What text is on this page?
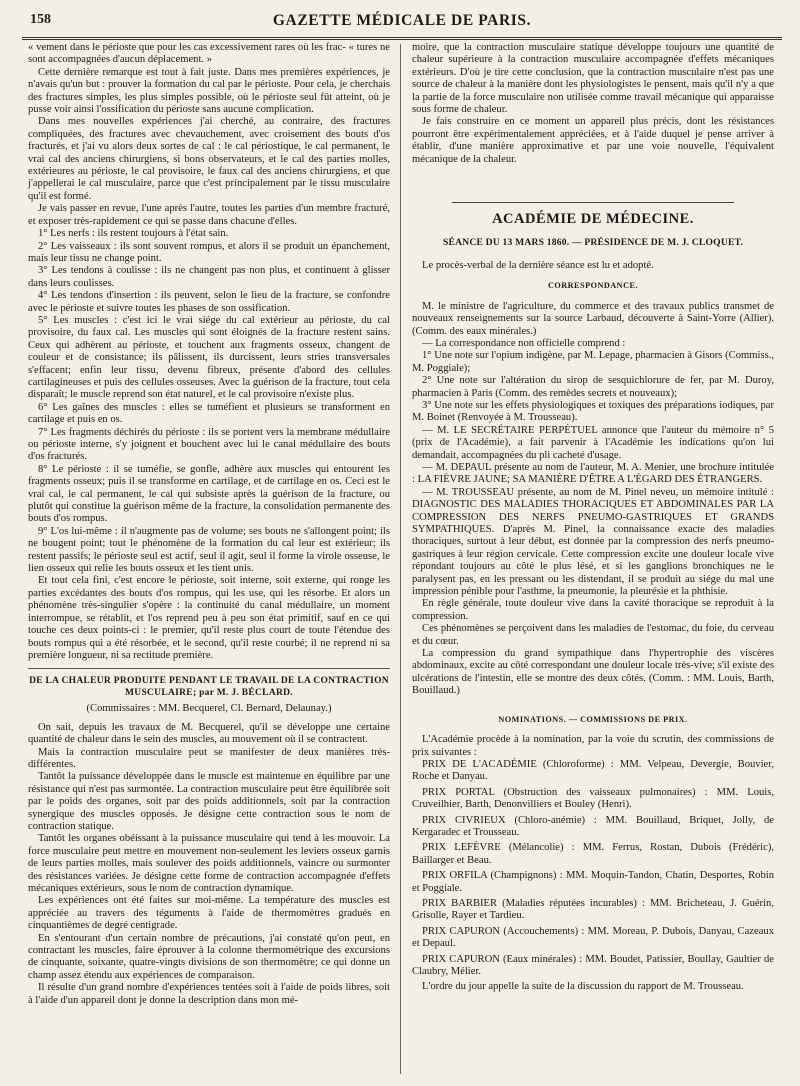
158	GAZETTE MÉDICALE DE PARIS.

« vement dans le périoste que pour les cas excessivement rares où les frac- « tures ne sont accompagnées d'aucun déplacement. »

Cette dernière remarque est tout à fait juste. Dans mes premières expériences, je n'avais qu'un but : prouver la formation du cal par le périoste. Pour cela, je cherchais des fractures simples, les plus simples possible, où le périoste seul fût atteint, où je pusse voir ainsi l'ossification du périoste sans aucune complication.

Dans mes nouvelles expériences j'ai cherché, au contraire, des fractures compliquées, des fractures avec chevauchement, avec croisement des bouts d'os fracturés, et j'ai vu alors deux sortes de cal : le cal périostique, le cal permanent, le vrai cal des anciens chirurgiens, si bons observateurs, et le cal des parties molles, extérieures au périoste, le cal provisoire, le faux cal des anciens chirurgiens, et que j'appellerai le cal musculaire, parce que c'est principalement par le tissu musculaire qu'il est formé.

Je vais passer en revue, l'une après l'autre, toutes les parties d'un membre fracturé, et exposer très-rapidement ce qui se passe dans chacune d'elles.

1° Les nerfs : ils restent toujours à l'état sain.

2° Les vaisseaux : ils sont souvent rompus, et alors il se produit un épanchement, mais leur tissu ne change point.

3° Les tendons à coulisse : ils ne changent pas non plus, et continuent à glisser dans leurs coulisses.

4° Les tendons d'insertion : ils peuvent, selon le lieu de la fracture, se confondre avec le périoste et suivre toutes les phases de son ossification.

5° Les muscles : c'est ici le vrai siége du cal extérieur au périoste, du cal provisoire, du faux cal. Les muscles qui sont éloignés de la fracture restent sains. Ceux qui adhèrent au périoste, et touchent aux fragments osseux, changent de couleur et de consistance; ils pâlissent, ils durcissent, leurs stries transversales s'effacent; enfin leur tissu, devenu fibreux, présente d'abord des cellules cartilagineuses et puis des cellules osseuses. Avec la guérison de la fracture, tout cela disparaît; le muscle reprend son état naturel, et le cal provisoire n'existe plus.

6° Les gaînes des muscles : elles se tuméfient et plusieurs se transforment en cartilage et puis en os.

7° Les fragments déchirés du périoste : ils se portent vers la membrane médullaire ou périoste interne, s'y joignent et bouchent avec lui le canal médullaire des bouts d'os fracturés.

8° Le périoste : il se tuméfie, se gonfle, adhère aux muscles qui entourent les fragments osseux; puis il se transforme en cartilage, et de cartilage en os. Ceci est le vrai cal, le cal permanent, le cal qui subsiste après la guérison de la fracture, ou plutôt qui constitue la guérison même de la fracture, la consolidation permanente des bouts d'os rompus.

9° L'os lui-même : il n'augmente pas de volume; ses bouts ne s'allongent point; ils ne bougent point; tout le phénomène de la formation du cal leur est extérieur; ils restent passifs; le périoste seul est actif, seul il agit, seul il forme la virole osseuse, le lien osseux qui relie les bouts osseux et les tient unis.

Et tout cela fini, c'est encore le périoste, soit interne, soit externe, qui ronge les parties excédantes des bouts d'os rompus, qui les use, qui les résorbe. Et alors un phénomène très-singulier s'opère : la continuité du canal médullaire, un moment interrompue, se rétablit, et l'os reprend peu à peu son état primitif, sauf en ce qui touche ces deux points-ci : le premier, qu'il reste plus court de toute l'étendue des bouts rompus qui a été résorbée, et le second, qu'il reste courbé; il ne reprend ni sa première longueur, ni sa rectitude première.

DE LA CHALEUR PRODUITE PENDANT LE TRAVAIL DE LA CONTRACTION MUSCULAIRE; par M. J. BÉCLARD.

(Commissaires : MM. Becquerel, Cl. Bernard, Delaunay.)

On sait, depuis les travaux de M. Becquerel, qu'il se développe une certaine quantité de chaleur dans le sein des muscles, au mouvement où il se contractent.

Mais la contraction musculaire peut se manifester de deux manières très-différentes.

Tantôt la puissance développée dans le muscle est maintenue en équilibre par une résistance qui n'est pas surmontée. La contraction musculaire peut être équilibrée soit par le poids des organes, soit par des poids additionnels, soit par la contraction synergique des muscles opposés. Je désigne cette contraction sous le nom de contraction statique.

Tantôt les organes obéissant à la puissance musculaire qui tend à les mouvoir. La force musculaire peut mettre en mouvement non-seulement les leviers osseux garnis de leurs parties molles, mais soulever des poids additionnels, vaincre ou surmonter des résistances variées. Je désigne cette forme de contraction accompagnée d'effets mécaniques extérieurs, sous le nom de contraction dynamique.

Les expériences ont été faites sur moi-même. La température des muscles est appréciée au travers des téguments à l'aide de thermomètres gradués en cinquantièmes de degré centigrade.

En s'entourant d'un certain nombre de précautions, j'ai constaté qu'on peut, en contractant les muscles, faire éprouver à la colonne thermométrique des excursions de cinquante, soixante, quatre-vingts divisions de son thermomètre; ce qui donne un champ assez étendu aux expériences de comparaison.

Il résulte d'un grand nombre d'expériences tentées soit à l'aide de poids libres, soit à l'aide d'un appareil dont je donne la description dans mon mé-

moire, que la contraction musculaire statique développe toujours une quantité de chaleur supérieure à la contraction musculaire accompagnée d'effets mécaniques extérieurs. D'où je tire cette conclusion, que la contraction musculaire n'est pas une source de chaleur à la manière dont les physiologistes le pensent, mais qu'il n'y a que la partie de la force musculaire non utilisée comme travail mécanique qui apparaisse sous forme de chaleur.

Je fais construire en ce moment un appareil plus précis, dont les résistances pourront être expérimentalement appréciées, et à l'aide duquel je pense arriver à établir, d'une manière approximative et par une voie nouvelle, l'équivalent mécanique de la chaleur.

ACADÉMIE DE MÉDECINE.
SÉANCE DU 13 MARS 1860. — PRÉSIDENCE DE M. J. CLOQUET.

Le procès-verbal de la dernière séance est lu et adopté.

CORRESPONDANCE.

M. le ministre de l'agriculture, du commerce et des travaux publics transmet de nouveaux renseignements sur la source Larbaud, découverte à Saint-Yorre (Allier). (Comm. des eaux minérales.)

— La correspondance non officielle comprend :

1° Une note sur l'opium indigène, par M. Lepage, pharmacien à Gisors (Commiss., M. Poggiale);

2° Une note sur l'altération du sirop de sesquichlorure de fer, par M. Duroy, pharmacien à Paris (Comm. des remèdes secrets et nouveaux);

3° Une note sur les effets physiologiques et toxiques des préparations iodiques, par M. Boinet (Renvoyée à M. Trousseau).

— M. LE SECRÉTAIRE PERPÉTUEL annonce que l'auteur du mémoire n° 5 (prix de l'Académie), a fait parvenir à l'Académie les indications qu'on lui demandait, accompagnées du pli cacheté d'usage.

— M. DEPAUL présente au nom de l'auteur, M. A. Menier, une brochure intitulée : LA FIÈVRE JAUNE; SA MANIÈRE D'ÊTRE A L'ÉGARD DES ÉTRANGERS.

— M. TROUSSEAU présente, au nom de M. Pinel neveu, un mémoire intitulé : DIAGNOSTIC DES MALADIES THORACIQUES ET ABDOMINALES PAR LA COMPRESSION DES NERFS PNEUMO-GASTRIQUES ET GRANDS SYMPATHIQUES. D'après M. Pinel, la connaissance exacte des maladies thoraciques, surtout à leur début, est donnée par la compression des nerfs pneumo-gastriques à leur région cervicale. Cette compression excite une douleur locale vive répondant toujours au côté le plus lésé, et si les ganglions bronchiques ne le paralysent pas, en les pressant ou les distendant, il se produit au siége du mal une impression pénible pour l'asthme, la pneumonie, la pleurésie et la phthisie.

En règle générale, toute douleur vive dans la cavité thoracique se reproduit à la compression.

Ces phénomènes se perçoivent dans les maladies de l'estomac, du foie, du cerveau et du cœur.

La compression du grand sympathique dans l'hypertrophie des viscères abdominaux, excite au côté correspondant une douleur locale très-vive; s'il existe des ulcérations de l'intestin, elle se montre des deux côtés. (Comm. : MM. Louis, Barth, Bouillaud.)

NOMINATIONS. — COMMISSIONS DE PRIX.

L'Académie procède à la nomination, par la voie du scrutin, des commissions de prix suivantes :

PRIX DE L'ACADÉMIE (Chloroforme) : MM. Velpeau, Devergie, Bouvier, Roche et Danyau.

PRIX PORTAL (Obstruction des vaisseaux pulmonaires) : MM. Louis, Cruveilhier, Barth, Denonvilliers et Bouley (Henri).

PRIX CIVRIEUX (Chloro-anémie) : MM. Bouillaud, Briquet, Jolly, de Kergaradec et Trousseau.

PRIX LEFÈVRE (Mélancolie) : MM. Ferrus, Rostan, Dubois (Frédéric), Baillarger et Beau.

PRIX ORFILA (Champignons) : MM. Moquin-Tandon, Chatin, Desportes, Robin et Poggiale.

PRIX BARBIER (Maladies réputées incurables) : MM. Bricheteau, J. Guérin, Grisolle, Rayer et Tardieu.

PRIX CAPURON (Accouchements) : MM. Moreau, P. Dubois, Danyau, Cazeaux et Depaul.

PRIX CAPURON (Eaux minérales) : MM. Boudet, Patissier, Boullay, Gaultier de Claubry, Mélier.

L'ordre du jour appelle la suite de la discussion du rapport de M. Trousseau.
